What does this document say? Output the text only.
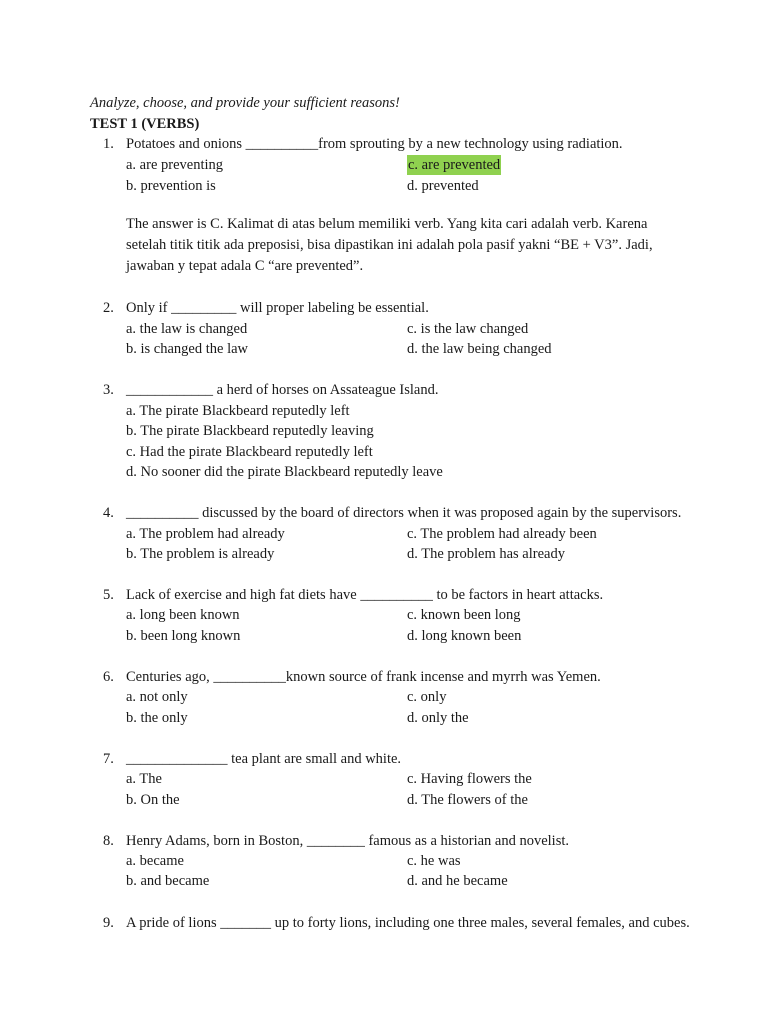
Analyze, choose, and provide your sufficient reasons!
TEST 1 (VERBS)
1. Potatoes and onions __________from sprouting by a new technology using radiation.
a. are preventing	c. are prevented
b. prevention is	d. prevented
The answer is C. Kalimat di atas belum memiliki verb. Yang kita cari adalah verb. Karena setelah titik titik ada preposisi, bisa dipastikan ini adalah pola pasif yakni “BE + V3”. Jadi, jawaban y tepat adala C “are prevented”.
2. Only if _________ will proper labeling be essential.
a. the law is changed	c. is the law changed
b. is changed the law	d. the law being changed
3. ____________ a herd of horses on Assateague Island.
a. The pirate Blackbeard reputedly left
b. The pirate Blackbeard reputedly leaving
c. Had the pirate Blackbeard reputedly left
d. No sooner did the pirate Blackbeard reputedly leave
4. __________ discussed by the board of directors when it was proposed again by the supervisors.
a. The problem had already	c. The problem had already been
b. The problem is already	d. The problem has already
5. Lack of exercise and high fat diets have __________ to be factors in heart attacks.
a. long been known	c. known been long
b. been long known	d. long known been
6. Centuries ago, __________known source of frank incense and myrrh was Yemen.
a. not only	c. only
b. the only	d. only the
7. ______________ tea plant are small and white.
a. The	c. Having flowers the
b. On the	d. The flowers of the
8. Henry Adams, born in Boston, ________ famous as a historian and novelist.
a. became	c. he was
b. and became	d. and he became
9. A pride of lions _______ up to forty lions, including one three males, several females, and cubes.
